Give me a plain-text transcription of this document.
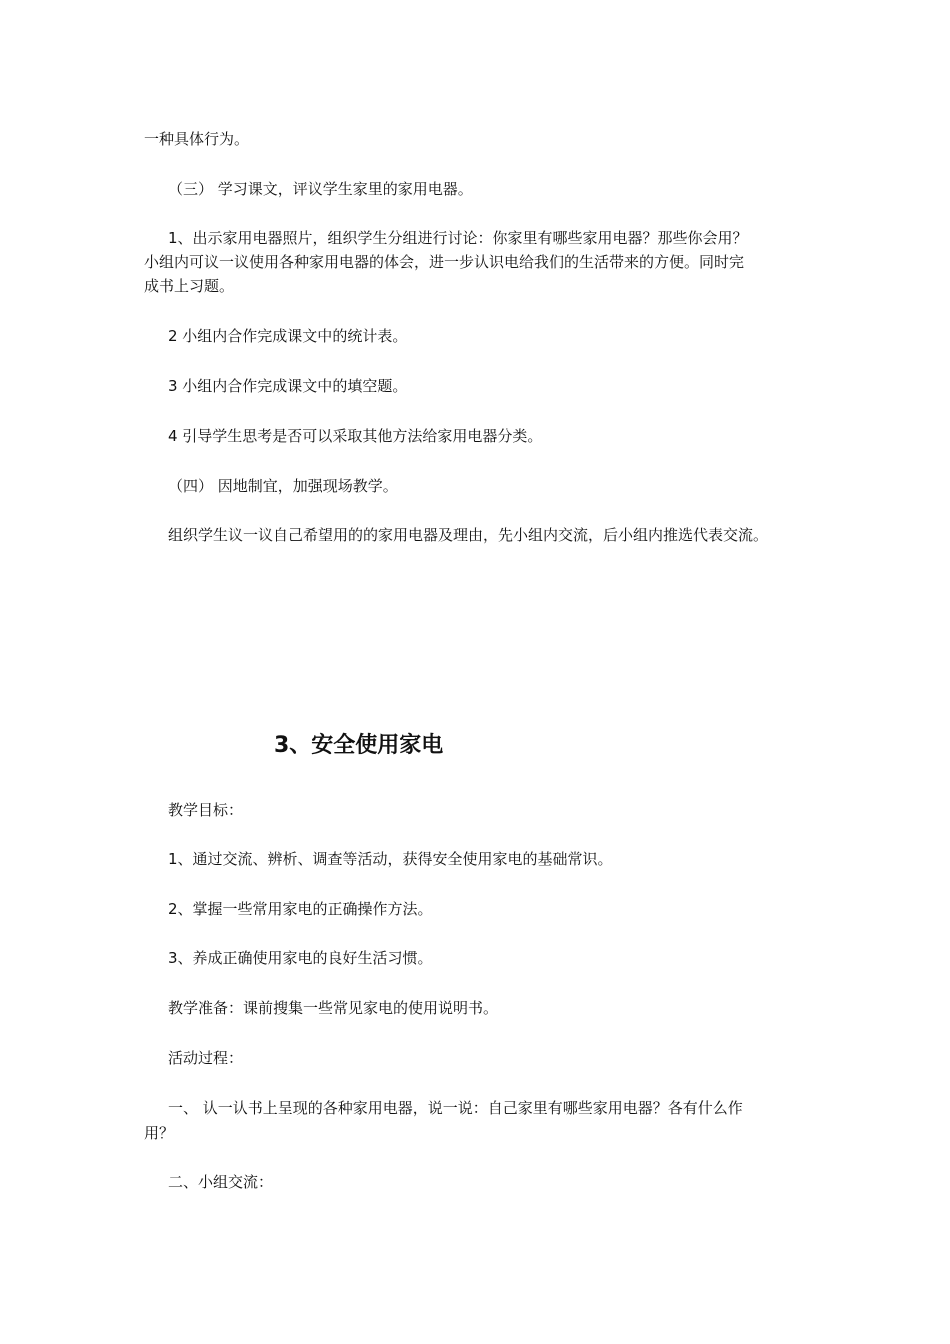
一种具体行为。
（三） 学习课文，评议学生家里的家用电器。
1、出示家用电器照片，组织学生分组进行讨论：你家里有哪些家用电器？那些你会用？
小组内可议一议使用各种家用电器的体会，进一步认识电给我们的生活带来的方便。同时完
成书上习题。
2 小组内合作完成课文中的统计表。
3 小组内合作完成课文中的填空题。
4 引导学生思考是否可以采取其他方法给家用电器分类。
（四） 因地制宜，加强现场教学。
组织学生议一议自己希望用的的家用电器及理由，先小组内交流，后小组内推选代表交流。
3、安全使用家电
教学目标：
1、通过交流、辨析、调查等活动，获得安全使用家电的基础常识。
2、掌握一些常用家电的正确操作方法。
3、养成正确使用家电的良好生活习惯。
教学准备：课前搜集一些常见家电的使用说明书。
活动过程：
一、 认一认书上呈现的各种家用电器，说一说：自己家里有哪些家用电器？各有什么作
用？
二、小组交流：
